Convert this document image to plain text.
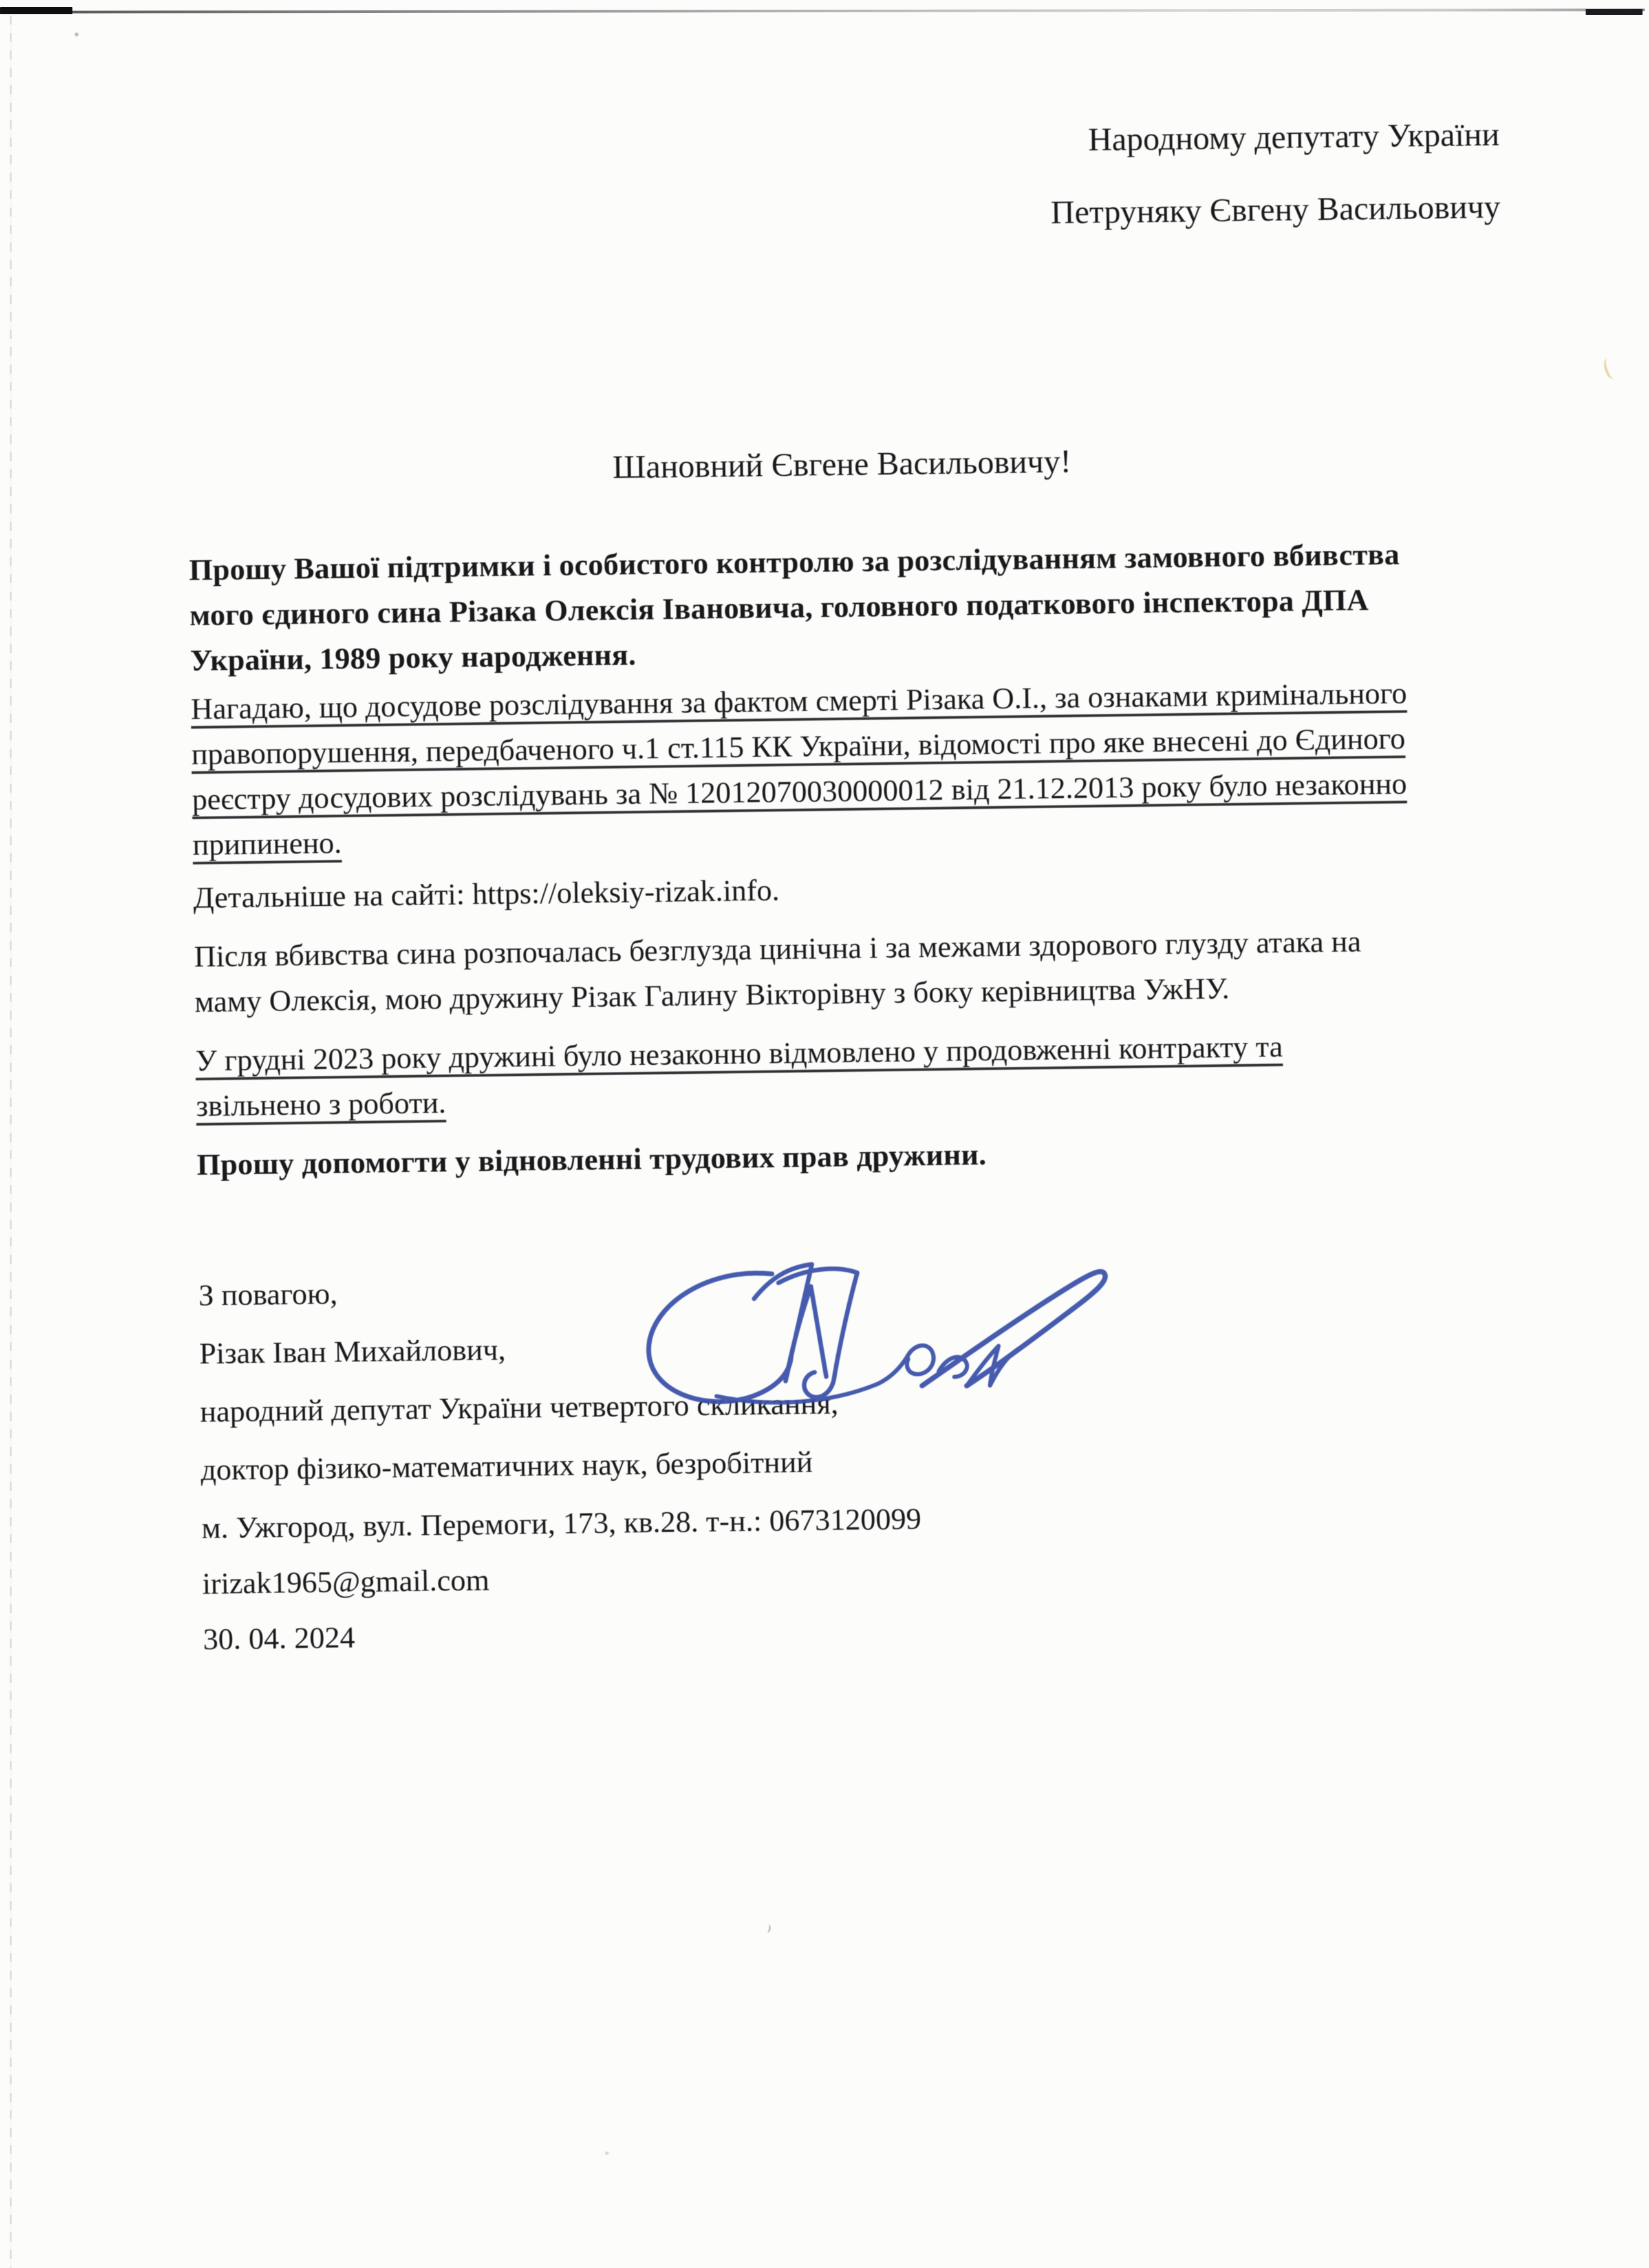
Народному депутату України
Петруняку Євгену Васильовичу
Шановний Євгене Васильовичу!
Прошу Вашої підтримки і особистого контролю за розслідуванням замовного вбивства
мого єдиного сина Різака Олексія Івановича, головного податкового інспектора ДПА
України, 1989 року народження.
Нагадаю, що досудове розслідування за фактом смерті Різака О.І., за ознаками кримінального
правопорушення, передбаченого ч.1 ст.115 КК України, відомості про яке внесені до Єдиного
реєстру досудових розслідувань за № 12012070030000012 від 21.12.2013 року було незаконно
припинено.
Детальніше на сайті: https://oleksiy-rizak.info.
Після вбивства сина розпочалась безглузда цинічна і за межами здорового глузду атака на
маму Олексія, мою дружину Різак Галину Вікторівну з боку керівництва УжНУ.
У грудні 2023 року дружині було незаконно відмовлено у продовженні контракту та
звільнено з роботи.
Прошу допомогти у відновленні трудових прав дружини.
З повагою,
Різак Іван Михайлович,
народний депутат України четвертого скликання,
доктор фізико-математичних наук, безробітний
м. Ужгород, вул. Перемоги, 173, кв.28. т-н.: 0673120099
irizak1965@gmail.com
30. 04. 2024
